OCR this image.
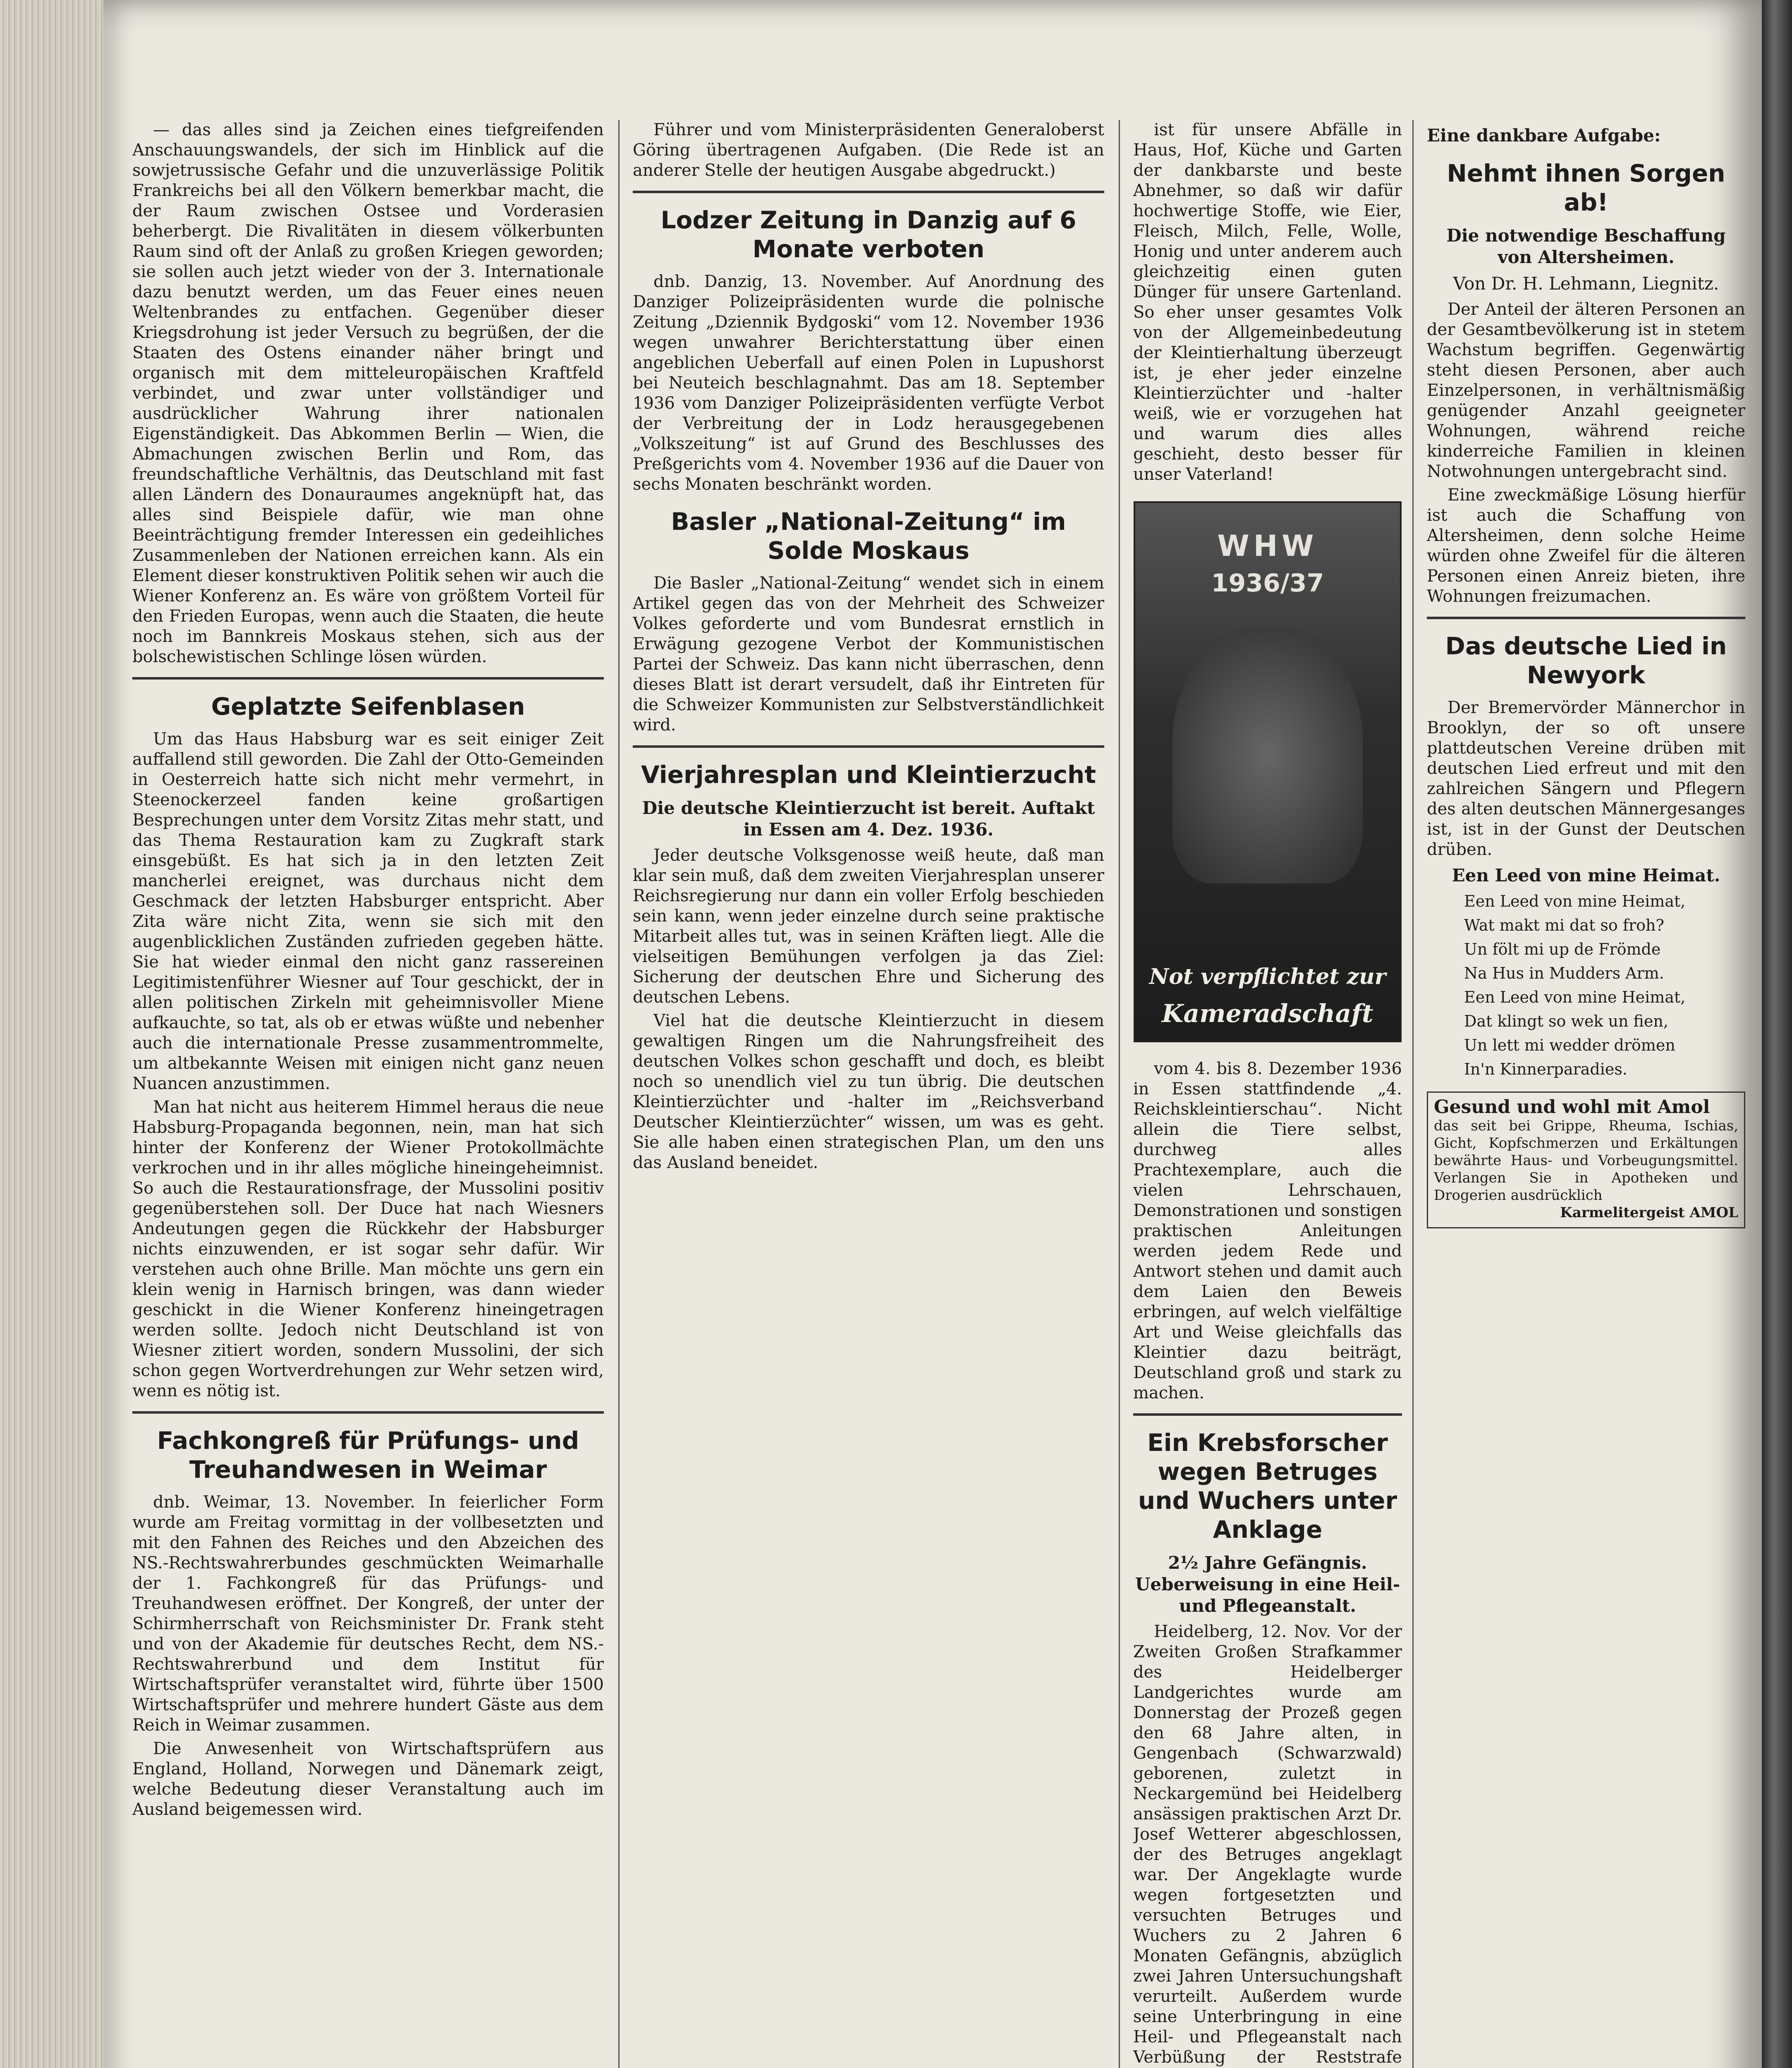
— das alles sind ja Zeichen eines tiefgreifenden Anschauungswandels, der sich im Hinblick auf die sowjetrussische Gefahr und die unzuverlässige Politik Frankreichs bei all den Völkern bemerkbar macht, die der Raum zwischen Ostsee und Vorderasien beherbergt. Die Rivalitäten in diesem völkerbunten Raum sind oft der Anlaß zu großen Kriegen geworden; sie sollen auch jetzt wieder von der 3. Internationale dazu benutzt werden, um das Feuer eines neuen Weltenbrandes zu entfachen. Gegenüber dieser Kriegsdrohung ist jeder Versuch zu begrüßen, der die Staaten des Ostens einander näher bringt und organisch mit dem mitteleuropäischen Kraftfeld verbindet, und zwar unter vollständiger und ausdrücklicher Wahrung ihrer nationalen Eigenständigkeit. Das Abkommen Berlin — Wien, die Abmachungen zwischen Berlin und Rom, das freundschaftliche Verhältnis, das Deutschland mit fast allen Ländern des Donauraumes angeknüpft hat, das alles sind Beispiele dafür, wie man ohne Beeinträchtigung fremder Interessen ein gedeihliches Zusammenleben der Nationen erreichen kann. Als ein Element dieser konstruktiven Politik sehen wir auch die Wiener Konferenz an. Es wäre von größtem Vorteil für den Frieden Europas, wenn auch die Staaten, die heute noch im Bannkreis Moskaus stehen, sich aus der bolschewistischen Schlinge lösen würden.

Geplatzte Seifenblasen

Um das Haus Habsburg war es seit einiger Zeit auffallend still geworden. Die Zahl der Otto-Gemeinden in Oesterreich hatte sich nicht mehr vermehrt, in Steenockerzeel fanden keine großartigen Besprechungen unter dem Vorsitz Zitas mehr statt, und das Thema Restauration kam zu Zugkraft stark einsgebüßt. Es hat sich ja in den letzten Zeit mancherlei ereignet, was durchaus nicht dem Geschmack der letzten Habsburger entspricht. Aber Zita wäre nicht Zita, wenn sie sich mit den augenblicklichen Zuständen zufrieden gegeben hätte. Sie hat wieder einmal den nicht ganz rassereinen Legitimistenführer Wiesner auf Tour geschickt, der in allen politischen Zirkeln mit geheimnisvoller Miene aufkauchte, so tat, als ob er etwas wüßte und nebenher auch die internationale Presse zusammentrommelte, um altbekannte Weisen mit einigen nicht ganz neuen Nuancen anzustimmen.

Man hat nicht aus heiterem Himmel heraus die neue Habsburg-Propaganda begonnen, nein, man hat sich hinter der Konferenz der Wiener Protokollmächte verkrochen und in ihr alles mögliche hineingeheimnist. So auch die Restaurationsfrage, der Mussolini positiv gegenüberstehen soll. Der Duce hat nach Wiesners Andeutungen gegen die Rückkehr der Habsburger nichts einzuwenden, er ist sogar sehr dafür. Wir verstehen auch ohne Brille. Man möchte uns gern ein klein wenig in Harnisch bringen, was dann wieder geschickt in die Wiener Konferenz hineingetragen werden sollte. Jedoch nicht Deutschland ist von Wiesner zitiert worden, sondern Mussolini, der sich schon gegen Wortverdrehungen zur Wehr setzen wird, wenn es nötig ist.

Fachkongreß für Prüfungs- und Treuhandwesen in Weimar

dnb. Weimar, 13. November. In feierlicher Form wurde am Freitag vormittag in der vollbesetzten und mit den Fahnen des Reiches und den Abzeichen des NS.-Rechtswahrerbundes geschmückten Weimarhalle der 1. Fachkongreß für das Prüfungs- und Treuhandwesen eröffnet. Der Kongreß, der unter der Schirmherrschaft von Reichsminister Dr. Frank steht und von der Akademie für deutsches Recht, dem NS.-Rechtswahrerbund und dem Institut für Wirtschaftsprüfer veranstaltet wird, führte über 1500 Wirtschaftsprüfer und mehrere hundert Gäste aus dem Reich in Weimar zusammen.

Die Anwesenheit von Wirtschaftsprüfern aus England, Holland, Norwegen und Dänemark zeigt, welche Bedeutung dieser Veranstaltung auch im Ausland beigemessen wird.

Führer und vom Ministerpräsidenten Generaloberst Göring übertragenen Aufgaben. (Die Rede ist an anderer Stelle der heutigen Ausgabe abgedruckt.)

Lodzer Zeitung in Danzig auf 6 Monate verboten

dnb. Danzig, 13. November. Auf Anordnung des Danziger Polizeipräsidenten wurde die polnische Zeitung „Dziennik Bydgoski“ vom 12. November 1936 wegen unwahrer Berichterstattung über einen angeblichen Ueberfall auf einen Polen in Lupushorst bei Neuteich beschlagnahmt. Das am 18. September 1936 vom Danziger Polizeipräsidenten verfügte Verbot der Verbreitung der in Lodz herausgegebenen „Volkszeitung“ ist auf Grund des Beschlusses des Preßgerichts vom 4. November 1936 auf die Dauer von sechs Monaten beschränkt worden.

Basler „National-Zeitung“ im Solde Moskaus

Die Basler „National-Zeitung“ wendet sich in einem Artikel gegen das von der Mehrheit des Schweizer Volkes geforderte und vom Bundesrat ernstlich in Erwägung gezogene Verbot der Kommunistischen Partei der Schweiz. Das kann nicht überraschen, denn dieses Blatt ist derart versudelt, daß ihr Eintreten für die Schweizer Kommunisten zur Selbstverständlichkeit wird.

Vierjahresplan und Kleintierzucht
Die deutsche Kleintierzucht ist bereit. Auftakt in Essen am 4. Dez. 1936.

Jeder deutsche Volksgenosse weiß heute, daß man klar sein muß, daß dem zweiten Vierjahresplan unserer Reichsregierung nur dann ein voller Erfolg beschieden sein kann, wenn jeder einzelne durch seine praktische Mitarbeit alles tut, was in seinen Kräften liegt. Alle die vielseitigen Bemühungen verfolgen ja das Ziel: Sicherung der deutschen Ehre und Sicherung des deutschen Lebens.

Viel hat die deutsche Kleintierzucht in diesem gewaltigen Ringen um die Nahrungsfreiheit des deutschen Volkes schon geschafft und doch, es bleibt noch so unendlich viel zu tun übrig. Die deutschen Kleintierzüchter und -halter im „Reichsverband Deutscher Kleintierzüchter“ wissen, um was es geht. Sie alle haben einen strategischen Plan, um den uns das Ausland beneidet.

ist für unsere Abfälle in Haus, Hof, Küche und Garten der dankbarste und beste Abnehmer, so daß wir dafür hochwertige Stoffe, wie Eier, Fleisch, Milch, Felle, Wolle, Honig und unter anderem auch gleichzeitig einen guten Dünger für unsere Gartenland. So eher unser gesamtes Volk von der Allgemeinbedeutung der Kleintierhaltung überzeugt ist, je eher jeder einzelne Kleintierzüchter und -halter weiß, wie er vorzugehen hat und warum dies alles geschieht, desto besser für unser Vaterland!

WHW
1936/37
Not verpflichtet zur
Kameradschaft

vom 4. bis 8. Dezember 1936 in Essen stattfindende „4. Reichskleintierschau“. Nicht allein die Tiere selbst, durchweg alles Prachtexemplare, auch die vielen Lehrschauen, Demonstrationen und sonstigen praktischen Anleitungen werden jedem Rede und Antwort stehen und damit auch dem Laien den Beweis erbringen, auf welch vielfältige Art und Weise gleichfalls das Kleintier dazu beiträgt, Deutschland groß und stark zu machen.

Ein Krebsforscher wegen Betruges und Wuchers unter Anklage
2½ Jahre Gefängnis. Ueberweisung in eine Heil- und Pflegeanstalt.

Heidelberg, 12. Nov. Vor der Zweiten Großen Strafkammer des Heidelberger Landgerichtes wurde am Donnerstag der Prozeß gegen den 68 Jahre alten, in Gengenbach (Schwarzwald) geborenen, zuletzt in Neckargemünd bei Heidelberg ansässigen praktischen Arzt Dr. Josef Wetterer abgeschlossen, der des Betruges angeklagt war. Der Angeklagte wurde wegen fortgesetzten und versuchten Betruges und Wuchers zu 2 Jahren 6 Monaten Gefängnis, abzüglich zwei Jahren Untersuchungshaft verurteilt. Außerdem wurde seine Unterbringung in eine Heil- und Pflegeanstalt nach Verbüßung der Reststrafe

Eine dankbare Aufgabe:
Nehmt ihnen Sorgen ab!
Die notwendige Beschaffung von Altersheimen.
Von Dr. H. Lehmann, Liegnitz.

Der Anteil der älteren Personen an der Gesamtbevölkerung ist in stetem Wachstum begriffen. Gegenwärtig steht diesen Personen, aber auch Einzelpersonen, in verhältnismäßig genügender Anzahl geeigneter Wohnungen, während reiche kinderreiche Familien in kleinen Notwohnungen untergebracht sind.

Eine zweckmäßige Lösung hierfür ist auch die Schaffung von Altersheimen, denn solche Heime würden ohne Zweifel für die älteren Personen einen Anreiz bieten, ihre Wohnungen freizumachen.

Das deutsche Lied in Newyork

Der Bremervörder Männerchor in Brooklyn, der so oft unsere plattdeutschen Vereine drüben mit deutschen Lied erfreut und mit den zahlreichen Sängern und Pflegern des alten deutschen Männergesanges ist, ist in der Gunst der Deutschen drüben.

Een Leed von mine Heimat.

Een Leed von mine Heimat,

Wat makt mi dat so froh?

Un fölt mi up de Frömde

Na Hus in Mudders Arm.

Een Leed von mine Heimat,

Dat klingt so wek un fien,

Un lett mi wedder drömen

In'n Kinnerparadies.

Gesund und wohl mit Amol
das seit bei Grippe, Rheuma, Ischias, Gicht, Kopfschmerzen und Erkältungen bewährte Haus- und Vorbeugungsmittel. Verlangen Sie in Apotheken und Drogerien ausdrücklich
Karmelitergeist AMOL
